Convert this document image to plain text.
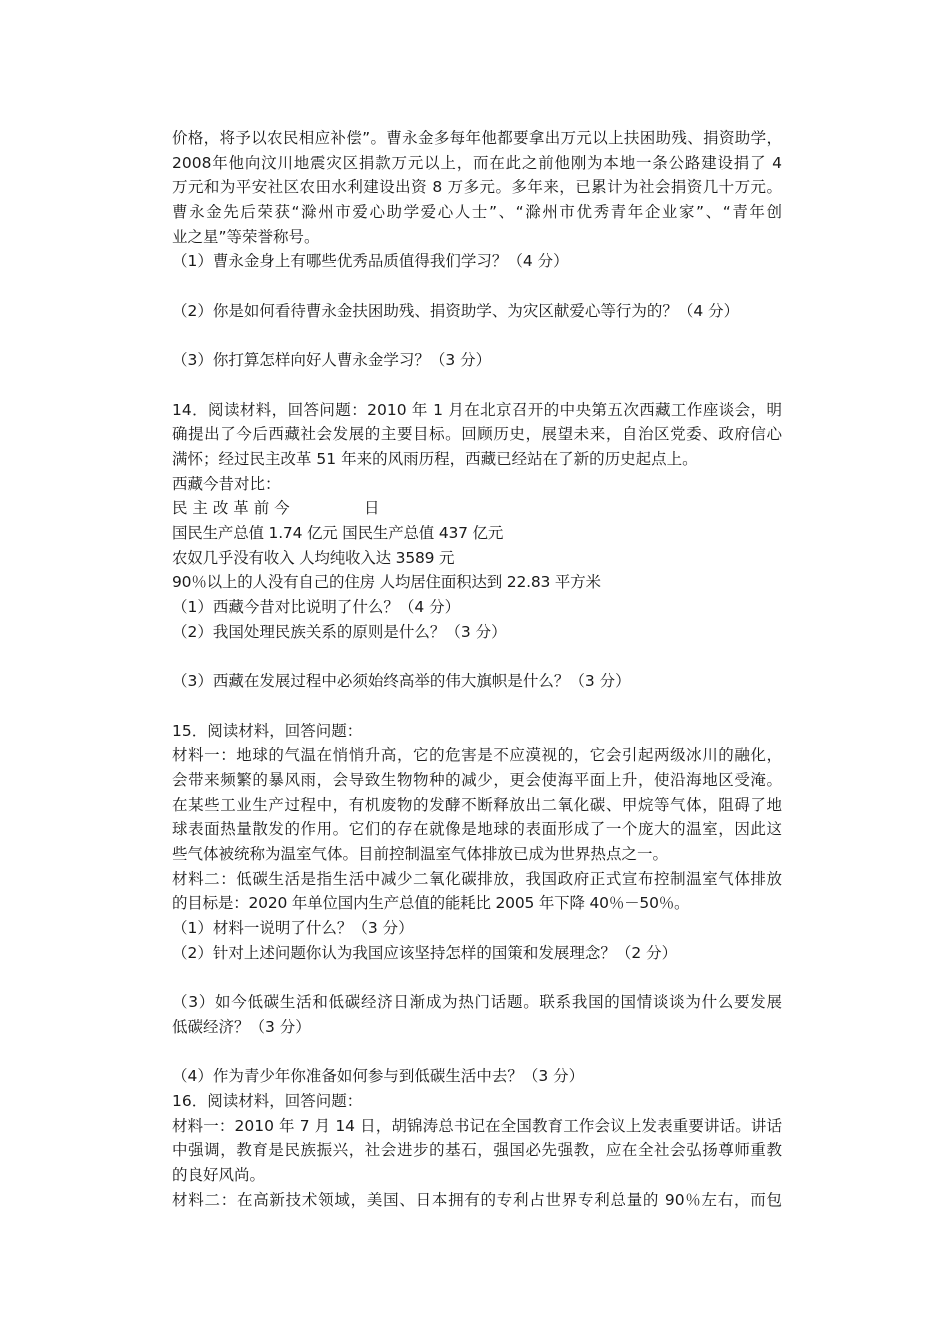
价格，将予以农民相应补偿”。曹永金多每年他都要拿出万元以上扶困助残、捐资助学，
2008年他向汶川地震灾区捐款万元以上，而在此之前他刚为本地一条公路建设捐了 4
万元和为平安社区农田水利建设出资 8 万多元。多年来，已累计为社会捐资几十万元。
曹永金先后荣获“滁州市爱心助学爱心人士”、“滁州市优秀青年企业家”、“青年创
业之星”等荣誉称号。
（1）曹永金身上有哪些优秀品质值得我们学习？（4 分）
（2）你是如何看待曹永金扶困助残、捐资助学、为灾区献爱心等行为的？（4 分）
（3）你打算怎样向好人曹永金学习？（3 分）
14．阅读材料，回答问题：2010 年 1 月在北京召开的中央第五次西藏工作座谈会，明
确提出了今后西藏社会发展的主要目标。回顾历史，展望未来，自治区党委、政府信心
满怀；经过民主改革 51 年来的风雨历程，西藏已经站在了新的历史起点上。
西藏今昔对比：
民 主 改 革 前 今	日
国民生产总值 1.74 亿元 国民生产总值 437 亿元
农奴几乎没有收入 人均纯收入达 3589 元
90％以上的人没有自己的住房 人均居住面积达到 22.83 平方米
（1）西藏今昔对比说明了什么？（4 分）
（2）我国处理民族关系的原则是什么？（3 分）
（3）西藏在发展过程中必须始终高举的伟大旗帜是什么？（3 分）
15．阅读材料，回答问题：
材料一：地球的气温在悄悄升高，它的危害是不应漠视的，它会引起两级冰川的融化，
会带来频繁的暴风雨，会导致生物物种的减少，更会使海平面上升，使沿海地区受淹。
在某些工业生产过程中，有机废物的发酵不断释放出二氧化碳、甲烷等气体，阻碍了地
球表面热量散发的作用。它们的存在就像是地球的表面形成了一个庞大的温室，因此这
些气体被统称为温室气体。目前控制温室气体排放已成为世界热点之一。
材料二：低碳生活是指生活中减少二氧化碳排放，我国政府正式宣布控制温室气体排放
的目标是：2020 年单位国内生产总值的能耗比 2005 年下降 40％－50％。
（1）材料一说明了什么？（3 分）
（2）针对上述问题你认为我国应该坚持怎样的国策和发展理念？（2 分）
（3）如今低碳生活和低碳经济日渐成为热门话题。联系我国的国情谈谈为什么要发展
低碳经济？（3 分）
（4）作为青少年你准备如何参与到低碳生活中去？（3 分）
16．阅读材料，回答问题：
材料一：2010 年 7 月 14 日，胡锦涛总书记在全国教育工作会议上发表重要讲话。讲话
中强调，教育是民族振兴，社会进步的基石，强国必先强教，应在全社会弘扬尊师重教
的良好风尚。
材料二：在高新技术领域，美国、日本拥有的专利占世界专利总量的 90％左右，而包
